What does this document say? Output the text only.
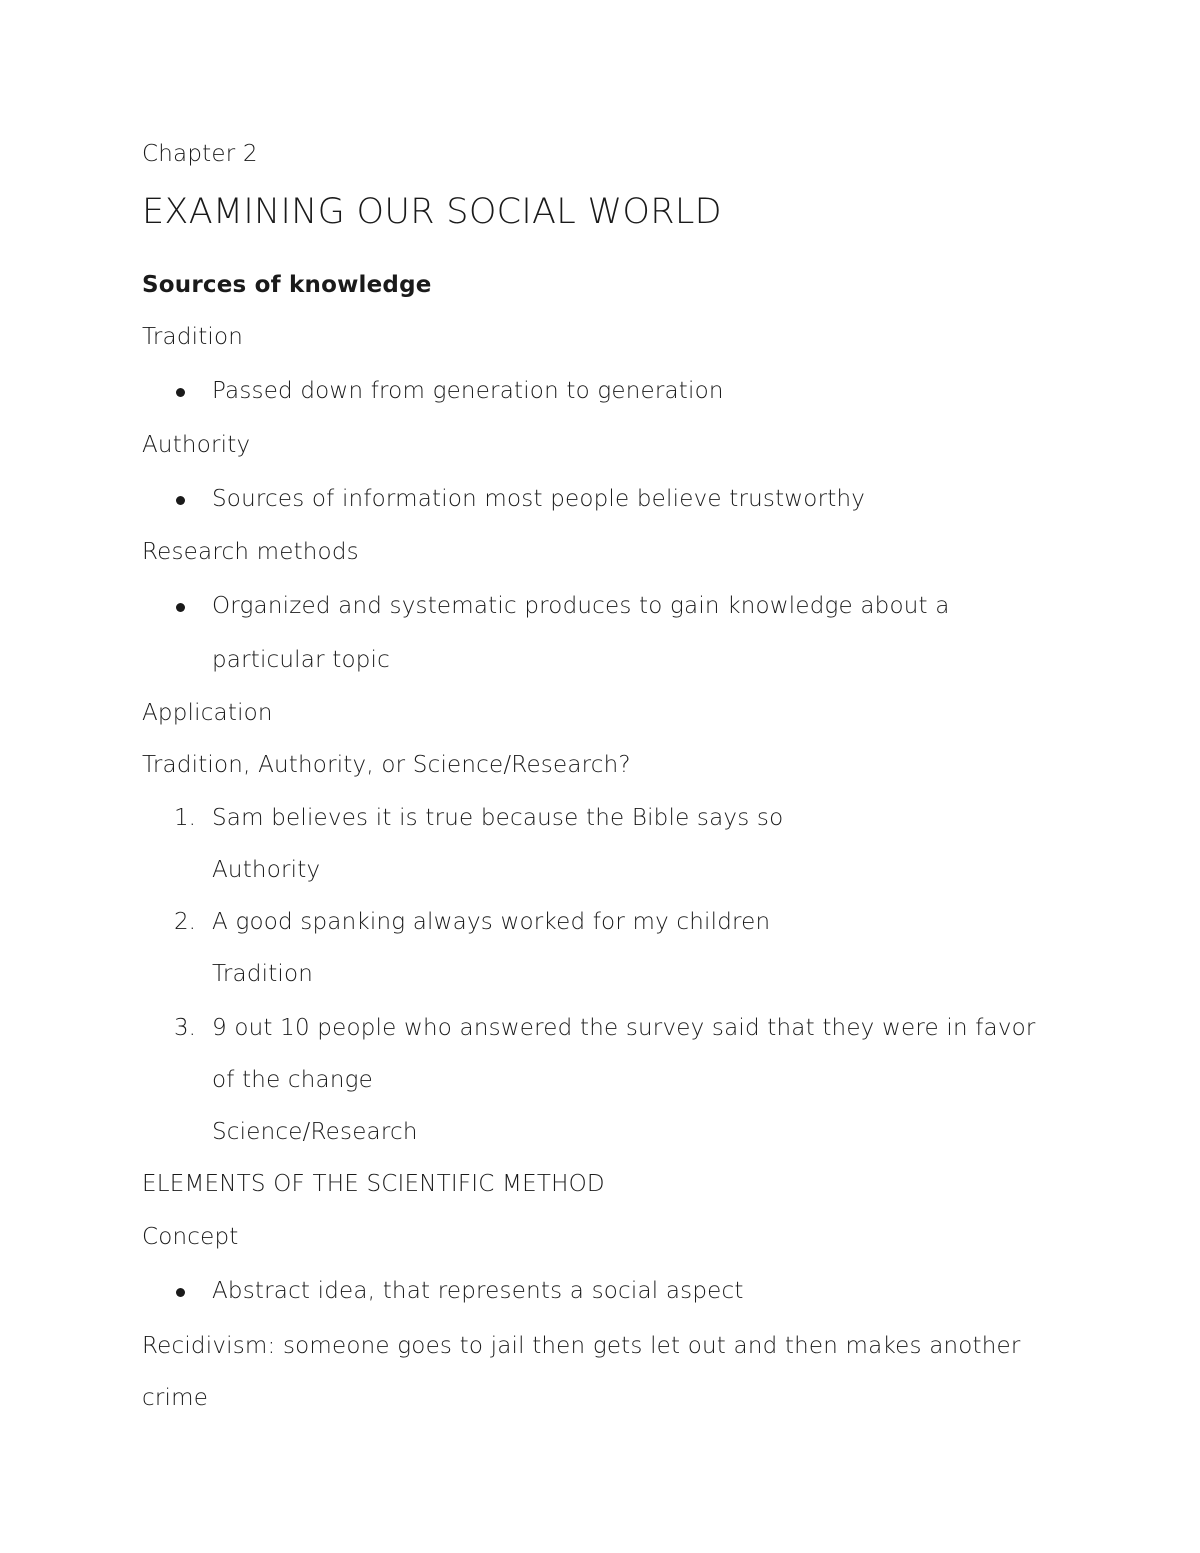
Chapter 2
EXAMINING OUR SOCIAL WORLD
Sources of knowledge
Tradition
Passed down from generation to generation
Authority
Sources of information most people believe trustworthy
Research methods
Organized and systematic produces to gain knowledge about a
particular topic
Application
Tradition, Authority, or Science/Research?
1. Sam believes it is true because the Bible says so
Authority
2. A good spanking always worked for my children
Tradition
3. 9 out 10 people who answered the survey said that they were in favor
of the change
Science/Research
ELEMENTS OF THE SCIENTIFIC METHOD
Concept
Abstract idea, that represents a social aspect
Recidivism: someone goes to jail then gets let out and then makes another
crime
